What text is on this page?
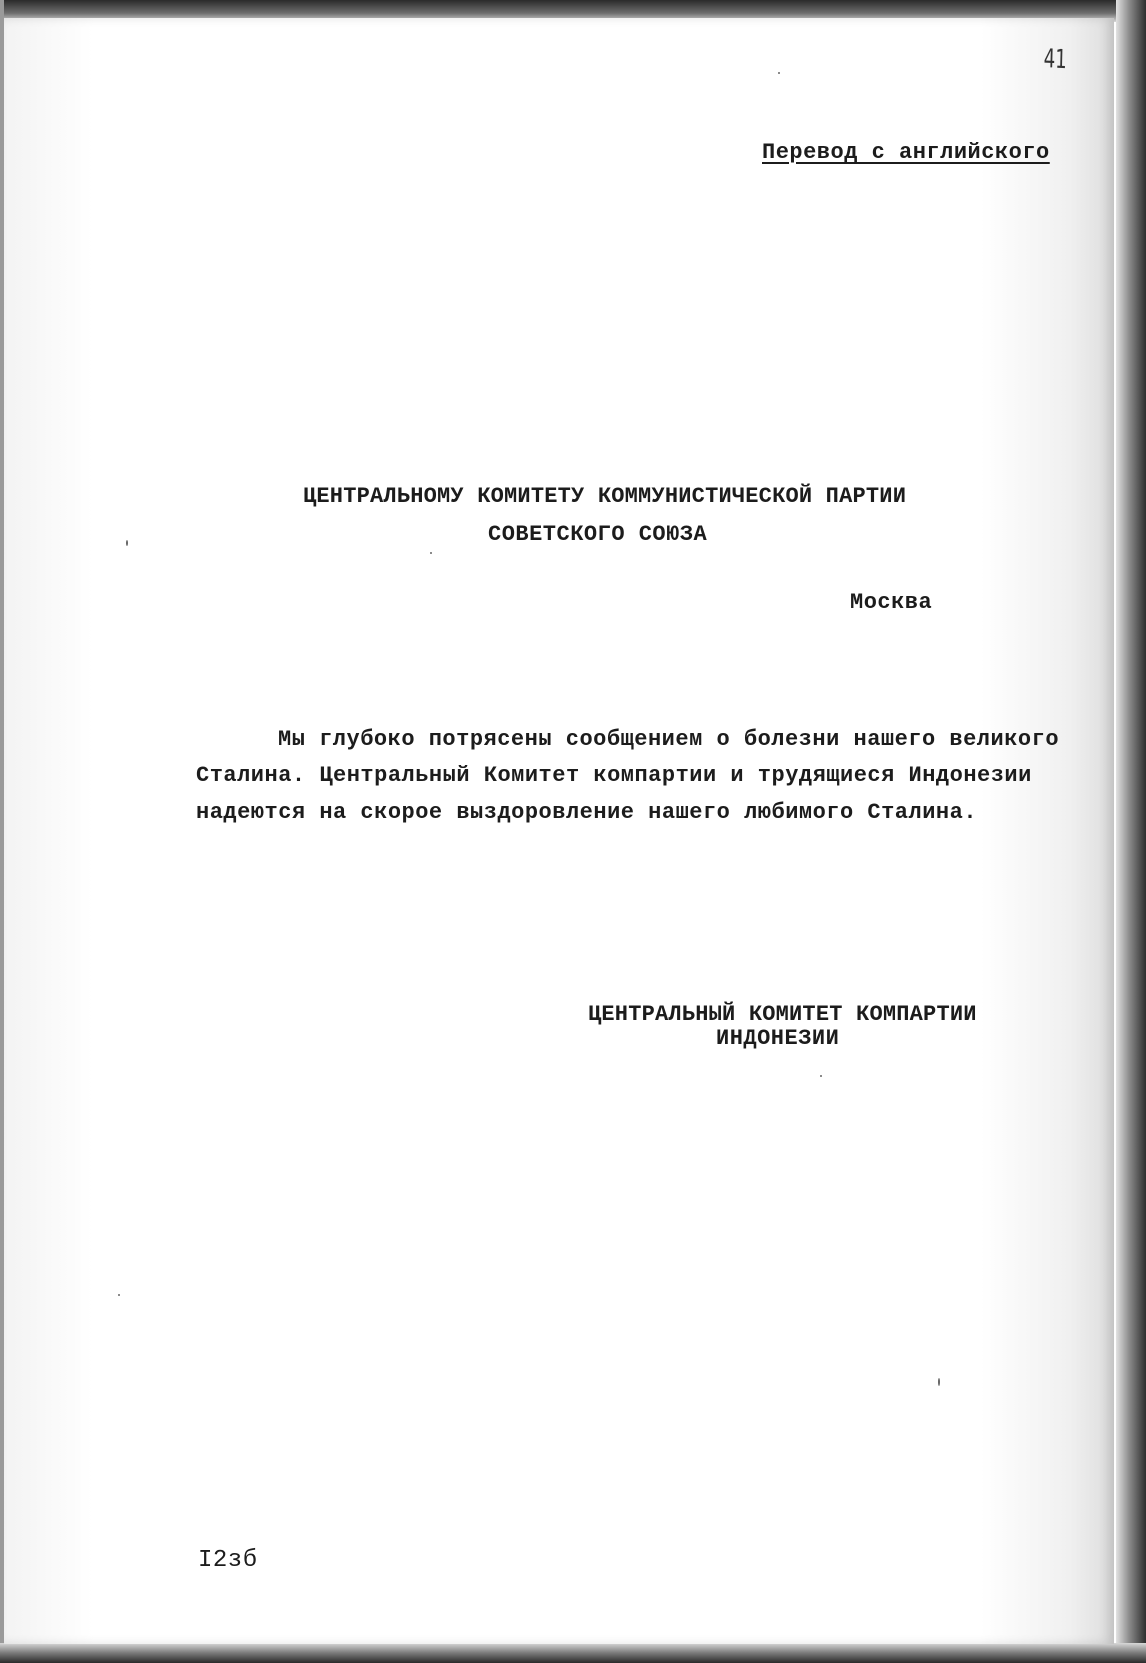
41
Перевод с английского
ЦЕНТРАЛЬНОМУ КОМИТЕТУ КОММУНИСТИЧЕСКОЙ ПАРТИИ
СОВЕТСКОГО СОЮЗА
Москва
Мы глубоко потрясены сообщением о болезни нашего великого
Сталина. Центральный Комитет компартии и трудящиеся Индонезии
надеются на скорое выздоровление нашего любимого Сталина.
ЦЕНТРАЛЬНЫЙ КОМИТЕТ КОМПАРТИИ
ИНДОНЕЗИИ
I2зб
